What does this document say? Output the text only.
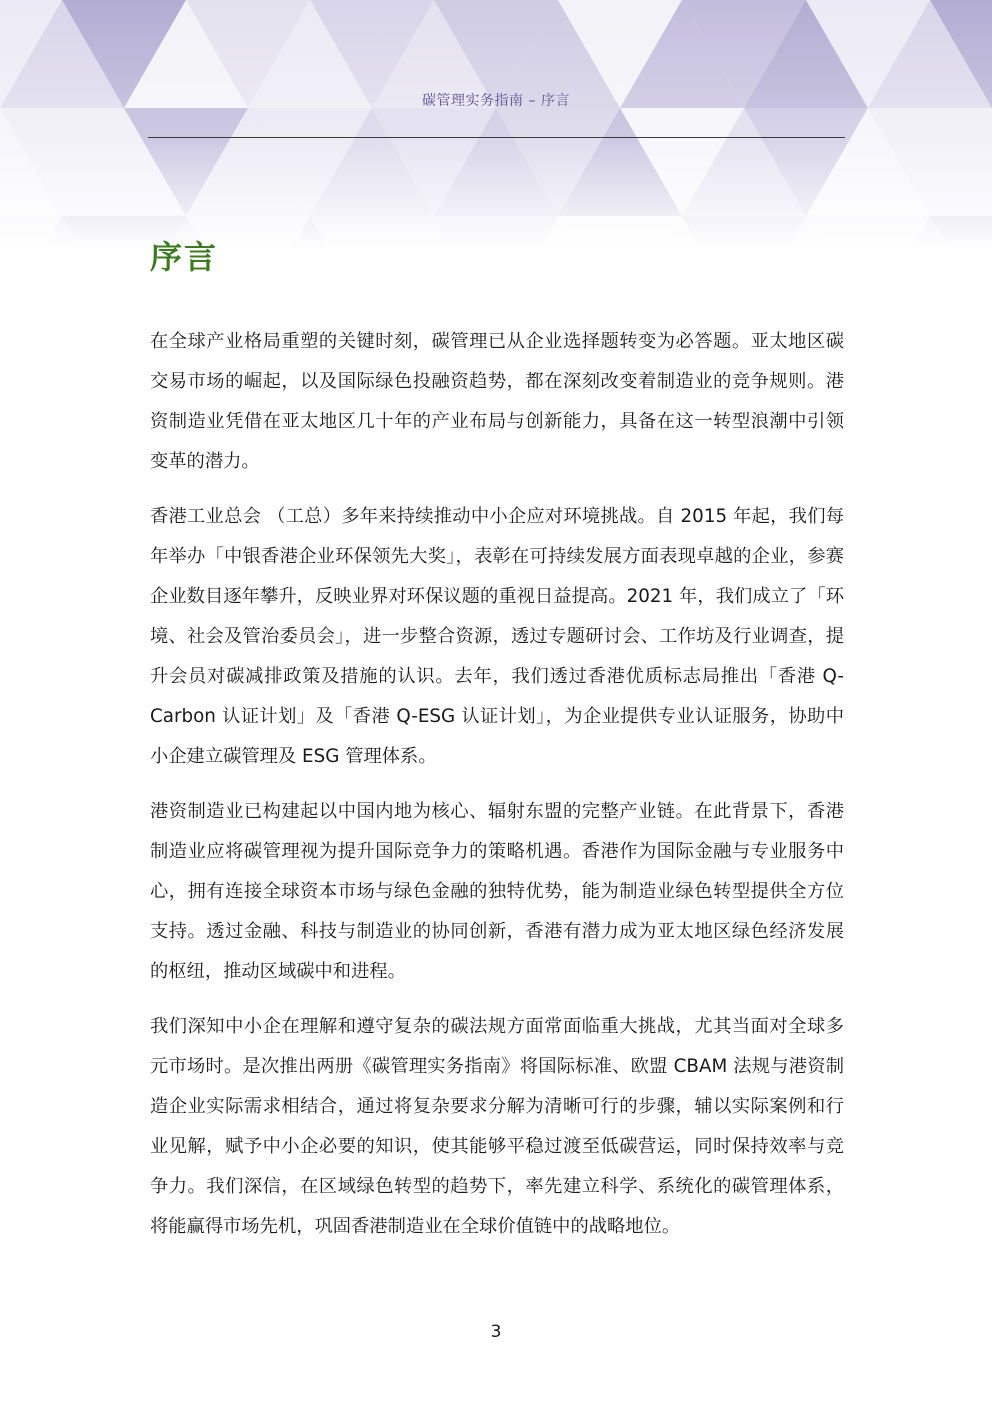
碳管理实务指南 – 序言
序言

在全球产业格局重塑的关键时刻，碳管理已从企业选择题转变为必答题。亚太地区碳交易市场的崛起，以及国际绿色投融资趋势，都在深刻改变着制造业的竞争规则。港资制造业凭借在亚太地区几十年的产业布局与创新能力，具备在这一转型浪潮中引领变革的潜力。

香港工业总会 （工总）多年来持续推动中小企应对环境挑战。自 2015 年起，我们每年举办「中银香港企业环保领先大奖」，表彰在可持续发展方面表现卓越的企业，参赛企业数目逐年攀升，反映业界对环保议题的重视日益提高。2021 年，我们成立了「环境、社会及管治委员会」，进一步整合资源，透过专题研讨会、工作坊及行业调查，提升会员对碳减排政策及措施的认识。去年，我们透过香港优质标志局推出「香港 Q-Carbon 认证计划」及「香港 Q-ESG 认证计划」，为企业提供专业认证服务，协助中小企建立碳管理及 ESG 管理体系。

港资制造业已构建起以中国内地为核心、辐射东盟的完整产业链。在此背景下，香港制造业应将碳管理视为提升国际竞争力的策略机遇。香港作为国际金融与专业服务中心，拥有连接全球资本市场与绿色金融的独特优势，能为制造业绿色转型提供全方位支持。透过金融、科技与制造业的协同创新，香港有潜力成为亚太地区绿色经济发展的枢纽，推动区域碳中和进程。

我们深知中小企在理解和遵守复杂的碳法规方面常面临重大挑战，尤其当面对全球多元市场时。是次推出两册《碳管理实务指南》将国际标准、欧盟 CBAM 法规与港资制造企业实际需求相结合，通过将复杂要求分解为清晰可行的步骤，辅以实际案例和行业见解，赋予中小企必要的知识，使其能够平稳过渡至低碳营运，同时保持效率与竞争力。我们深信，在区域绿色转型的趋势下，率先建立科学、系统化的碳管理体系，将能赢得市场先机，巩固香港制造业在全球价值链中的战略地位。

3
